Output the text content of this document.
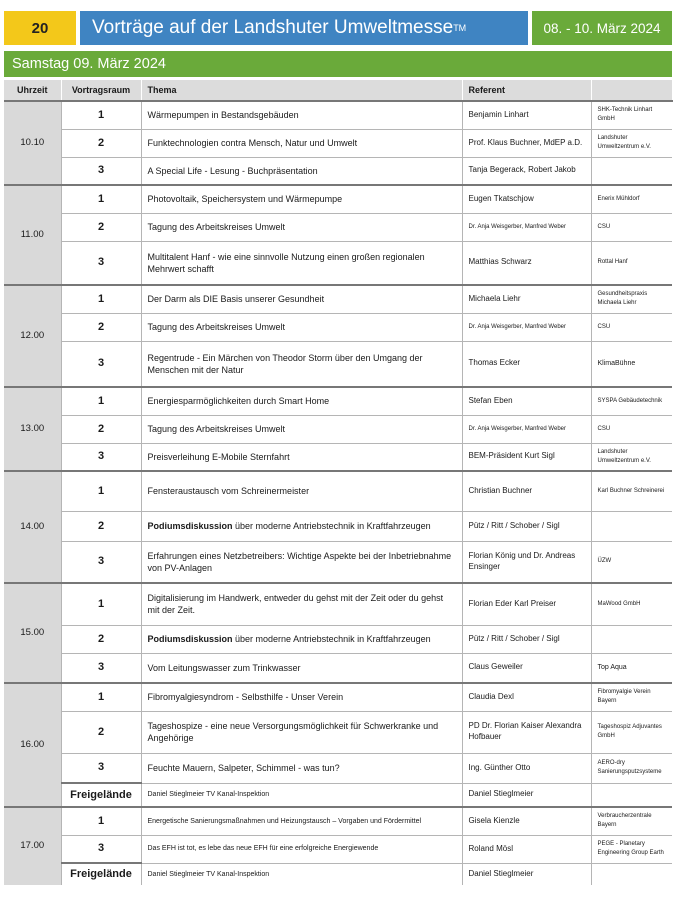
20	Vorträge auf der Landshuter Umweltmesse TM	08. - 10. März 2024
Samstag 09. März 2024
Uhrzeit	Vortragsraum	Thema	Referent	
10.10	1	Wärmepumpen in Bestandsgebäuden	Benjamin Linhart	SHK-Technik Linhart GmbH
	2	Funktechnologien contra Mensch, Natur und Umwelt	Prof. Klaus Buchner, MdEP a.D.	Landshuter Umweltzentrum e.V.
	3	A Special Life - Lesung - Buchpräsentation	Tanja Begerack, Robert Jakob	
11.00	1	Photovoltaik, Speichersystem und Wärmepumpe	Eugen Tkatschjow	Enerix Mühldorf
	2	Tagung des Arbeitskreises Umwelt	Dr. Anja Weisgerber, Manfred Weber	CSU
	3	Multitalent Hanf - wie eine sinnvolle Nutzung einen großen regionalen Mehrwert schafft	Matthias Schwarz	Rottal Hanf
12.00	1	Der Darm als DIE Basis unserer Gesundheit	Michaela Liehr	Gesundheitspraxis Michaela Liehr
	2	Tagung des Arbeitskreises Umwelt	Dr. Anja Weisgerber, Manfred Weber	CSU
	3	Regentrude - Ein Märchen von Theodor Storm über den Umgang der Menschen mit der Natur	Thomas Ecker	KlimaBühne
13.00	1	Energiesparmöglichkeiten durch Smart Home	Stefan Eben	SYSPA Gebäudetechnik
	2	Tagung des Arbeitskreises Umwelt	Dr. Anja Weisgerber, Manfred Weber	CSU
	3	Preisverleihung E-Mobile Sternfahrt	BEM-Präsident Kurt Sigl	Landshuter Umweltzentrum e.V.
14.00	1	Fensteraustausch vom Schreinermeister	Christian Buchner	Karl Buchner Schreinerei
	2	Podiumsdiskussion über moderne Antriebstechnik in Kraftfahrzeugen	Pütz / Ritt / Schober / Sigl	
	3	Erfahrungen eines Netzbetreibers: Wichtige Aspekte bei der Inbetriebnahme von PV-Anlagen	Florian König und Dr. Andreas Ensinger	ÜZW
15.00	1	Digitalisierung im Handwerk, entweder du gehst mit der Zeit oder du gehst mit der Zeit.	Florian Eder Karl Preiser	MaWood GmbH
	2	Podiumsdiskussion über moderne Antriebstechnik in Kraftfahrzeugen	Pütz / Ritt / Schober / Sigl	
	3	Vom Leitungswasser zum Trinkwasser	Claus Geweiler	Top Aqua
16.00	1	Fibromyalgiesyndrom - Selbsthilfe - Unser Verein	Claudia Dexl	Fibromyalgie Verein Bayern
	2	Tageshospize - eine neue Versorgungsmöglichkeit für Schwerkranke und Angehörige	PD Dr. Florian Kaiser Alexandra Hofbauer	Tageshospiz Adjuvantes GmbH
	3	Feuchte Mauern, Salpeter, Schimmel - was tun?	Ing. Günther Otto	AERO-dry Sanierungsputzsysteme
	Freigelände	Daniel Stieglmeier TV Kanal-Inspektion	Daniel Stieglmeier	
17.00	1	Energetische Sanierungsmaßnahmen und Heizungstausch – Vorgaben und Fördermittel	Gisela Kienzle	Verbraucherzentrale Bayern
	3	Das EFH ist tot, es lebe das neue EFH für eine erfolgreiche Energiewende	Roland Mösl	PEGE - Planetary Engineering Group Earth
	Freigelände	Daniel Stieglmeier TV Kanal-Inspektion	Daniel Stieglmeier	
